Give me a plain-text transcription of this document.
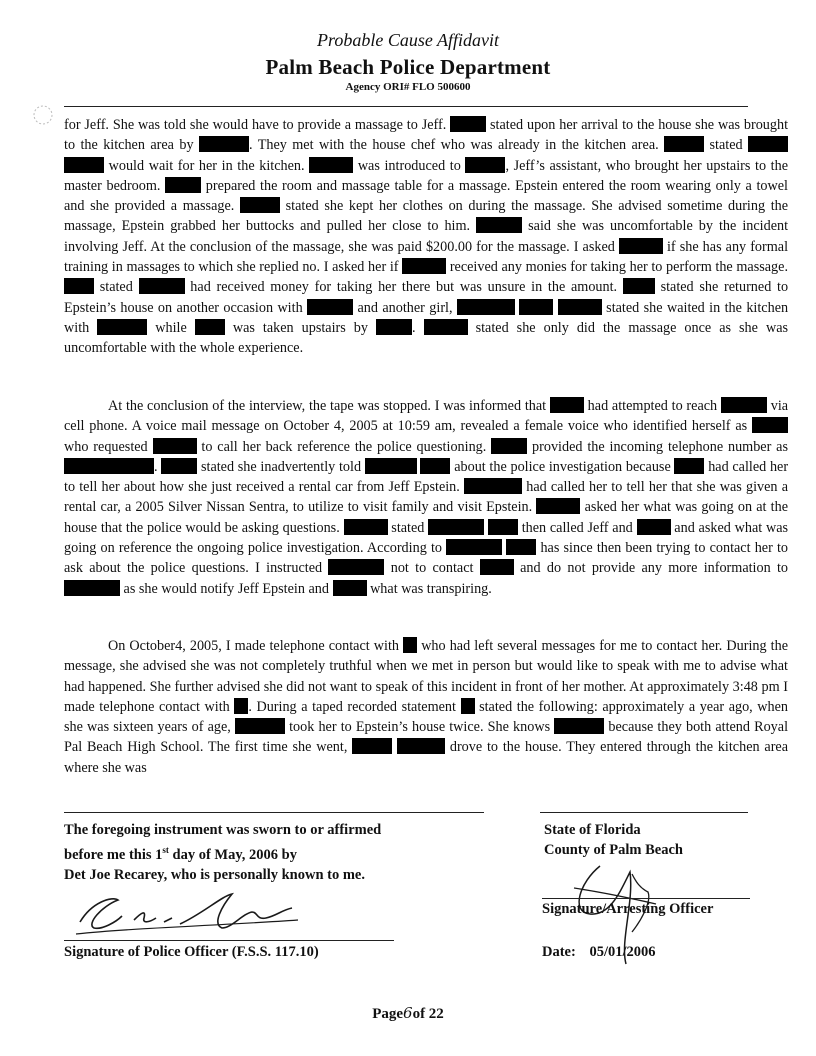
Probable Cause Affidavit
Palm Beach Police Department
Agency ORI# FLO 500600

for Jeff. She was told she would have to provide a massage to Jeff.	stated upon her arrival to the house she was brought to the kitchen area by	. They met with the house chef who was already in the kitchen area.	stated   would wait for her in the kitchen.	was introduced to	, Jeff’s assistant, who brought her upstairs to the master bedroom.	prepared the room and massage table for a massage. Epstein entered the room wearing only a towel and she provided a massage.	stated she kept her clothes on during the massage. She advised sometime during the massage, Epstein grabbed her buttocks and pulled her close to him.	said she was uncomfortable by the incident involving Jeff. At the conclusion of the massage, she was paid $200.00 for the massage. I asked	if she has any formal training in massages to which she replied no. I asked her if	received any monies for taking her to perform the massage.  stated	had received money for taking her there but was unsure in the amount.	stated she returned to Epstein’s house on another occasion with	and another girl,	stated she waited in the kitchen with	while	was taken upstairs by	.	stated she only did the massage once as she was uncomfortable with the whole experience.

At the conclusion of the interview, the tape was stopped. I was informed that	had attempted to reach	via cell phone. A voice mail message on October 4, 2005 at 10:59 am, revealed a female voice who identified herself as  who requested	to call her back reference the police questioning.	provided the incoming telephone number as .	stated she inadvertently told	about the police investigation because	had called her to tell her about how she just received a rental car from Jeff Epstein.	had called her to tell her that she was given a rental car, a 2005 Silver Nissan Sentra, to utilize to visit family and visit Epstein.	asked her what was going on at the house that the police would be asking questions.	stated	then called Jeff and	and asked what was going on reference the ongoing police investigation. According to	has since then been trying to contact her to ask about the police questions. I instructed	not to contact	and do not provide any more information to  as she would notify Jeff Epstein and	what was transpiring.

On October4, 2005, I made telephone contact with who had left several messages for me to contact her. During the message, she advised she was not completely truthful when we met in person but would like to speak with me to advise what had happened. She further advised she did not want to speak of this incident in front of her mother. At approximately 3:48 pm I made telephone contact with . During a taped recorded statement stated the following: approximately a year ago, when she was sixteen years of age,	took her to Epstein’s house twice. She knows	because they both attend Royal Pal Beach High School. The first time she went,	drove to the house. They entered through the kitchen area where she was

The foregoing instrument was sworn to or affirmed
before me this 1st day of May, 2006 by
Det Joe Recarey, who is personally known to me.
State of Florida
County of Palm Beach
Signature of Police Officer (F.S.S. 117.10)
Signature/Arresting Officer
Date: 05/01/2006
Page6of 22
